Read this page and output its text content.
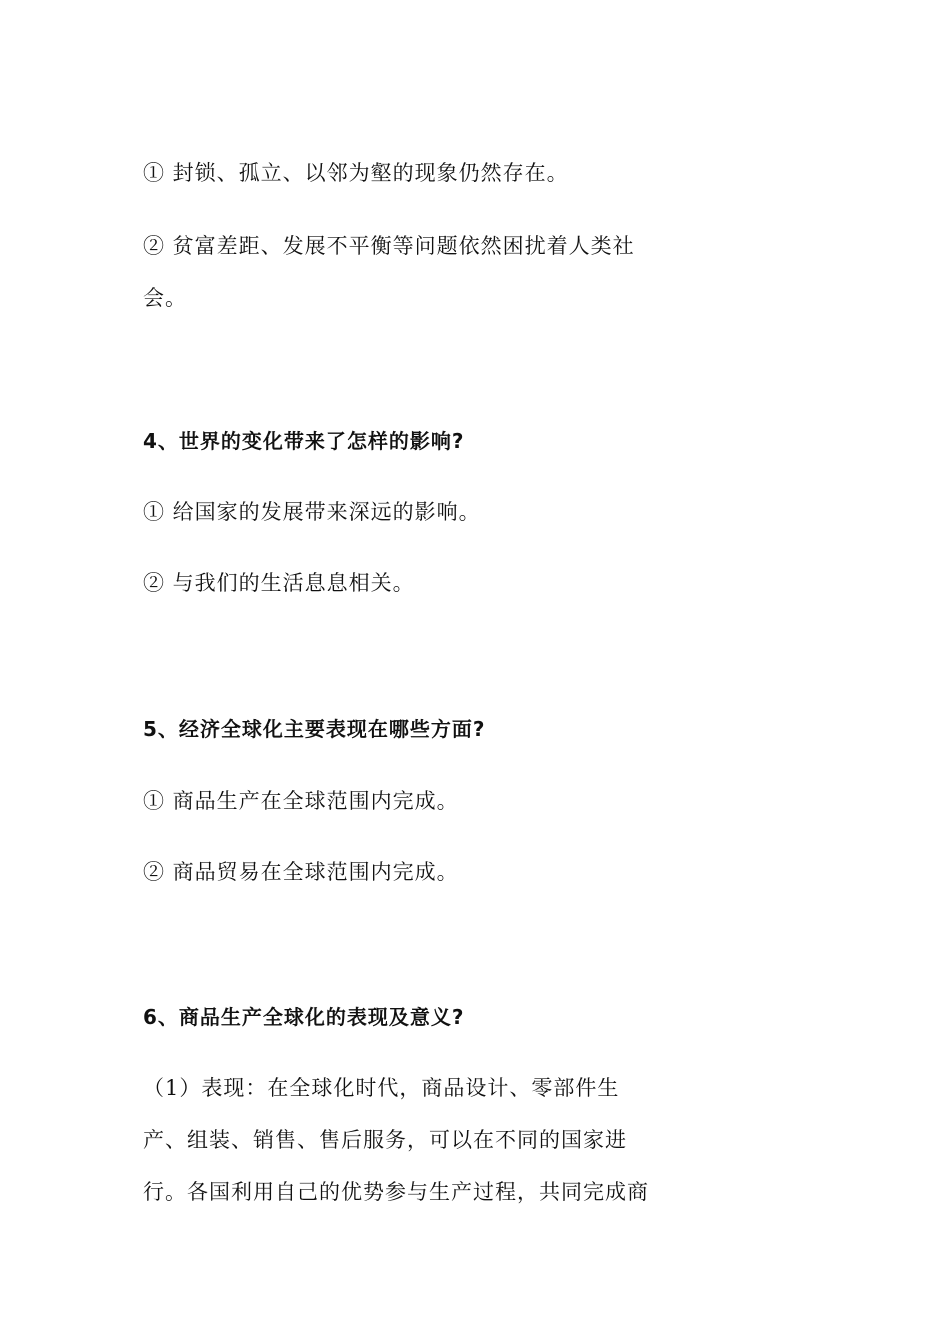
① 封锁、孤立、以邻为壑的现象仍然存在。
② 贫富差距、发展不平衡等问题依然困扰着人类社
会。
4、世界的变化带来了怎样的影响?
① 给国家的发展带来深远的影响。
② 与我们的生活息息相关。
5、经济全球化主要表现在哪些方面?
① 商品生产在全球范围内完成。
② 商品贸易在全球范围内完成。
6、商品生产全球化的表现及意义?
（1）表现：在全球化时代，商品设计、零部件生
产、组装、销售、售后服务，可以在不同的国家进
行。各国利用自己的优势参与生产过程，共同完成商
